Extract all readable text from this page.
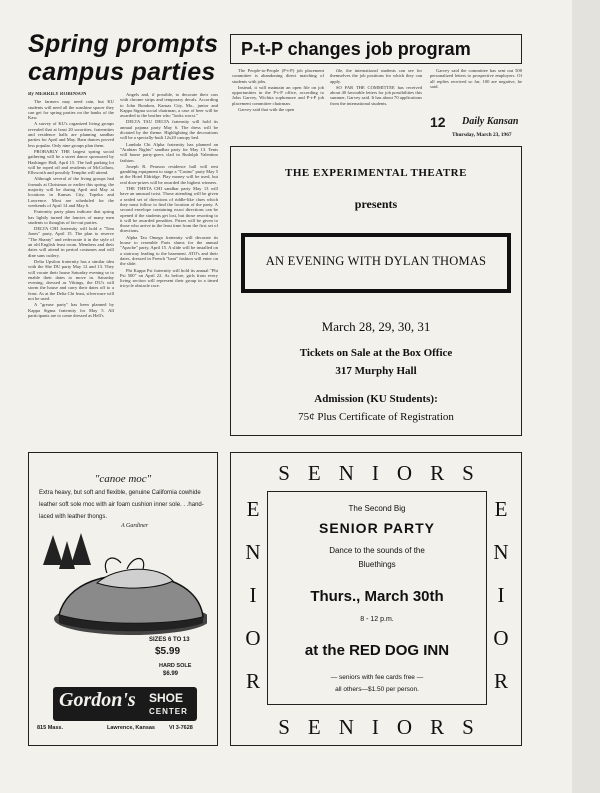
Spring prompts
campus parties

By MERRILY ROBINSON

The farmers may need rain, but KU students will need all the sunshine spacer they can get for spring parties on the banks of the Kaw.

A survey of KU's organized living groups revealed that at least 20 sororities, fraternities and residence halls are planning sandbar parties for April and May. Barn dances proved less popular. Only nine groups plan them.

PROBABLY THE largest spring social gathering will be a street dance sponsored by Hashinger Hall, April 15. The hall parking lot will be roped off and residents of McCollum, Ellsworth and possibly Templin will attend.

Although several of the living groups had formals at Christmas or earlier this spring, the majority will be during April and May at locations in Kansas City, Topeka and Lawrence. Most are scheduled for the weekends of April 14 and May 6.

Fraternity party plans indicate that spring has lightly turned the fancies of many men students to thoughts of far-out parties.

DELTA CHI fraternity will hold a "Tom Jones" party, April 15. The plan to reserve "The Shanty" and redecorate it in the style of an old English feast room. Members and their dates will attend in period costumes and will dine sans cutlery.

Delta Upsilon fraternity has a similar idea with the She DU party May 12 and 13. They will vacate their house Saturday evening so to enable their dates to move in. Saturday evening, dressed as Vikings, the DU's will storm the house and carry their dates off to a feast. As at the Delta Chi feast, silverware will not be used.

A "grease party" has been planned by Kappa Sigma fraternity for May 5. All participants are to come dressed as Hell's

Angels and, if possible, to decorate their cars with chrome strips and temporary decals. According to John Bondom, Kansas City, Mo., junior and Kappa Sigma social chairman, a case of beer will be awarded to the brother who "looks worst."

DELTA TAU DELTA fraternity will hold its annual pajama party May 6. The dress will be dictated by the theme. Highlighting the decorations will be a specially-built 12x20 canopy bed.

Lambda Chi Alpha fraternity has planned an "Arabian Nights" sandbar party for May 13. Tents will house party-goers clad in Rudolph Valentino fashion.

Joseph R. Pearson residence hall will rent gambling equipment to stage a "Casino" party May 5 at the Hotel Eldridge. Play money will be used, but real door-prizes will be awarded the highest winners.

THE THETA CHI sandbar party May 13 will have an unusual twist. Those attending will be given a sealed set of directions of riddle-like clues which they must follow to find the location of the party. A second envelope containing exact directions can be opened if the students get lost, but those resorting to it will be awarded penalties. Prizes will be given to those who arrive in the least time from the first set of directions.

Alpha Tau Omega fraternity will decorate its house to resemble Paris slums for the annual "Apache" party, April 15. A slide will be installed on a stairway leading to the basement. ATO's and their dates, dressed in French "beat" fashion will enter on the slide.

Phi Kappa Psi fraternity will hold its annual "Phi Psi 500" on April 22. As before, girls from every living section will represent their group in a timed tricycle obstacle race.

P-t-P changes job program

The People-to-People (P-t-P) job placement committee is abandoning direct matching of students with jobs.

Instead, it will maintain an open file on job opportunities in the P-t-P office, according to John Garvey, Wichita sophomore and P-t-P job placement committee chairman.

Garvey said that with the open

file, the international students can see for themselves the job positions for which they can apply.

SO FAR THE COMMITTEE has received about 40 favorable letters for job possibilities this summer, Garvey said. It has about 70 applications from the international students.

Garvey said the committee has sent out 500 personalized letters to prospective employers. Of all replies received so far, 100 are negative, he said.

12 Daily Kansan
Thursday, March 23, 1967
THE EXPERIMENTAL THEATRE
presents
AN EVENING WITH DYLAN THOMAS
March 28, 29, 30, 31
Tickets on Sale at the Box Office
317 Murphy Hall
Admission (KU Students):
75¢ Plus Certificate of Registration
"canoe moc"
Extra heavy, but soft and flexible, genuine California cowhide leather soft sole moc with air foam cushion inner sole. . .hand-laced with leather thongs.
A Gardiner
SIZES 6 TO 13
$5.99
HARD SOLE
$6.99
Gordon's SHOE
CENTER
815 Mass.	Lawrence, Kansas	VI 3-7628
SENIORS
SENIORS
E
N
I
O
R
E
N
I
O
R
The Second Big
SENIOR PARTY
Dance to the sounds of the
Bluethings
Thurs., March 30th
8 - 12 p.m.
at the RED DOG INN
— seniors with fee cards free —
all others—$1.50 per person.
